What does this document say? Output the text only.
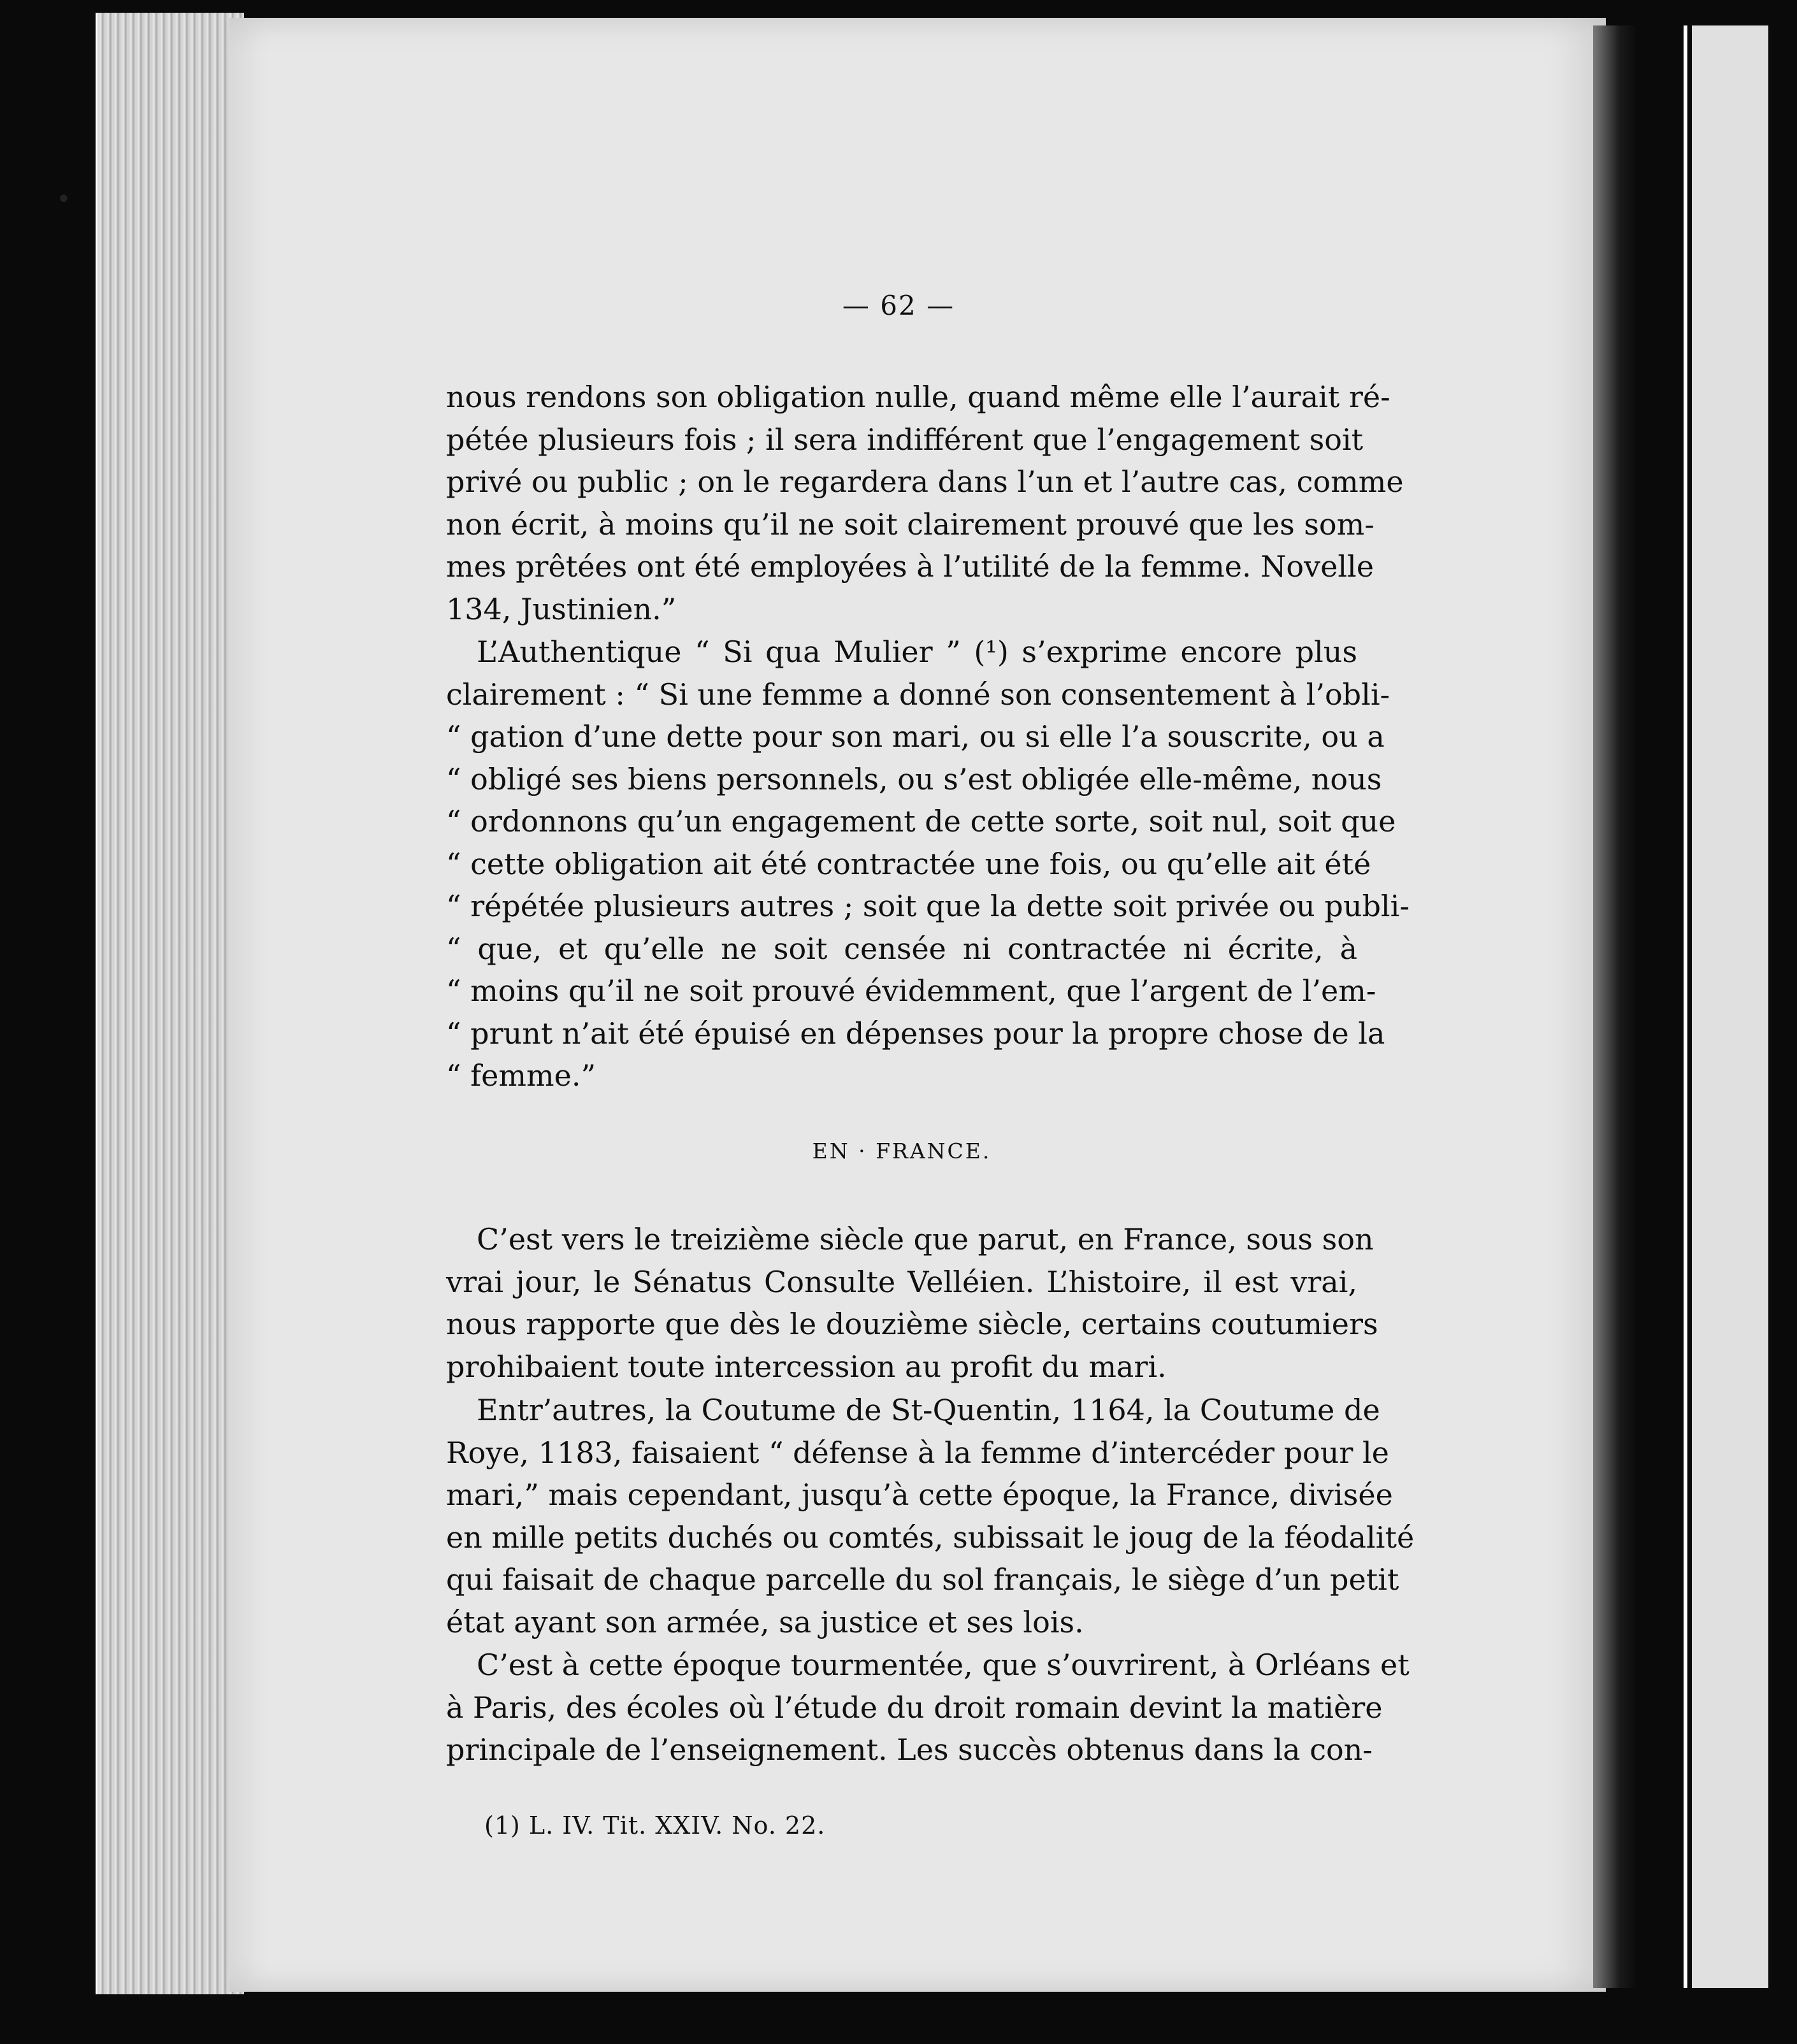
•
— 62 —
nous rendons son obligation nulle, quand même elle l’aurait ré-
pétée plusieurs fois ; il sera indifférent que l’engagement soit
privé ou public ; on le regardera dans l’un et l’autre cas, comme
non écrit, à moins qu’il ne soit clairement prouvé que les som-
mes prêtées ont été employées à l’utilité de la femme. Novelle
134, Justinien.”
L’Authentique “ Si qua Mulier ” (¹) s’exprime encore plus
clairement : “ Si une femme a donné son consentement à l’obli-
“ gation d’une dette pour son mari, ou si elle l’a souscrite, ou a
“ obligé ses biens personnels, ou s’est obligée elle-même, nous
“ ordonnons qu’un engagement de cette sorte, soit nul, soit que
“ cette obligation ait été contractée une fois, ou qu’elle ait été
“ répétée plusieurs autres ; soit que la dette soit privée ou publi-
“ que, et qu’elle ne soit censée ni contractée ni écrite, à
“ moins qu’il ne soit prouvé évidemment, que l’argent de l’em-
“ prunt n’ait été épuisé en dépenses pour la propre chose de la
“ femme.”
EN · FRANCE.
C’est vers le treizième siècle que parut, en France, sous son
vrai jour, le Sénatus Consulte Velléien. L’histoire, il est vrai,
nous rapporte que dès le douzième siècle, certains coutumiers
prohibaient toute intercession au profit du mari.
Entr’autres, la Coutume de St-Quentin, 1164, la Coutume de
Roye, 1183, faisaient “ défense à la femme d’intercéder pour le
mari,” mais cependant, jusqu’à cette époque, la France, divisée
en mille petits duchés ou comtés, subissait le joug de la féodalité
qui faisait de chaque parcelle du sol français, le siège d’un petit
état ayant son armée, sa justice et ses lois.
C’est à cette époque tourmentée, que s’ouvrirent, à Orléans et
à Paris, des écoles où l’étude du droit romain devint la matière
principale de l’enseignement. Les succès obtenus dans la con-
(1) L. IV. Tit. XXIV. No. 22.
